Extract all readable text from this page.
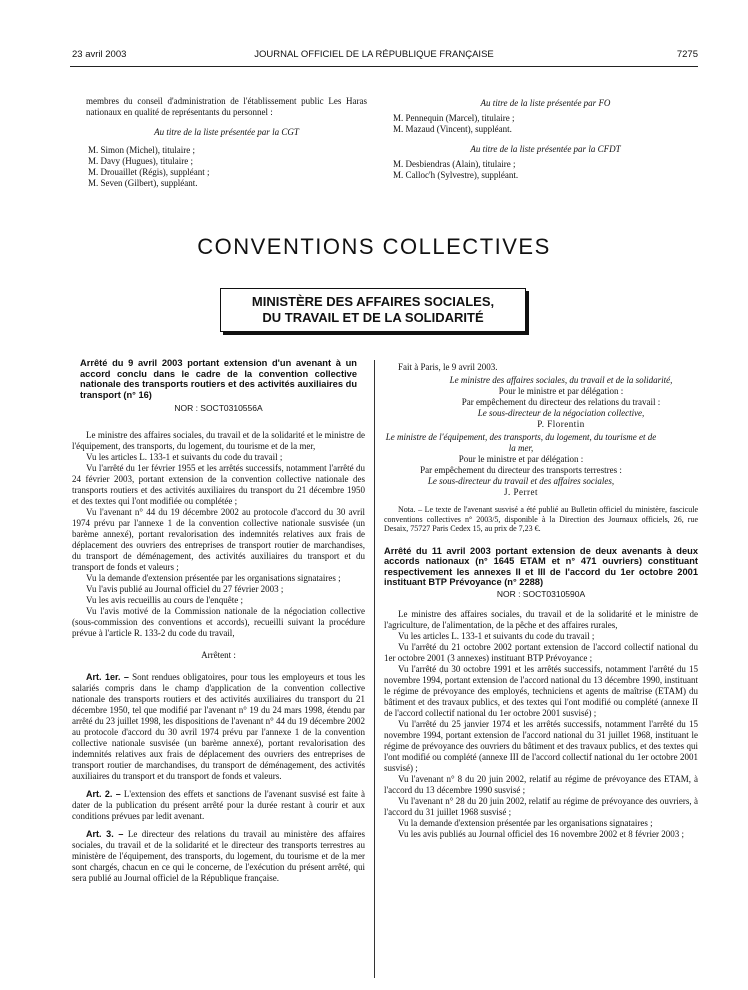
23 avril 2003	JOURNAL OFFICIEL DE LA RÉPUBLIQUE FRANÇAISE	7275

membres du conseil d'administration de l'établissement public Les Haras nationaux en qualité de représentants du personnel :

Au titre de la liste présentée par la CGT

M. Simon (Michel), titulaire ;

M. Davy (Hugues), titulaire ;

M. Drouaillet (Régis), suppléant ;

M. Seven (Gilbert), suppléant.

Au titre de la liste présentée par FO

M. Pennequin (Marcel), titulaire ;

M. Mazaud (Vincent), suppléant.

Au titre de la liste présentée par la CFDT

M. Desbiendras (Alain), titulaire ;

M. Calloc'h (Sylvestre), suppléant.

CONVENTIONS COLLECTIVES
MINISTÈRE DES AFFAIRES SOCIALES,
DU TRAVAIL ET DE LA SOLIDARITÉ

Arrêté du 9 avril 2003 portant extension d'un avenant à un accord conclu dans le cadre de la convention collective nationale des transports routiers et des activités auxiliaires du transport (n° 16)

NOR : SOCT0310556A

Le ministre des affaires sociales, du travail et de la solidarité et le ministre de l'équipement, des transports, du logement, du tourisme et de la mer,

Vu les articles L. 133-1 et suivants du code du travail ;

Vu l'arrêté du 1er février 1955 et les arrêtés successifs, notamment l'arrêté du 24 février 2003, portant extension de la convention collective nationale des transports routiers et des activités auxiliaires du transport du 21 décembre 1950 et des textes qui l'ont modifiée ou complétée ;

Vu l'avenant n° 44 du 19 décembre 2002 au protocole d'accord du 30 avril 1974 prévu par l'annexe 1 de la convention collective nationale susvisée (un barème annexé), portant revalorisation des indemnités relatives aux frais de déplacement des ouvriers des entreprises de transport routier de marchandises, du transport de déménagement, des activités auxiliaires du transport et du transport de fonds et valeurs ;

Vu la demande d'extension présentée par les organisations signataires ;

Vu l'avis publié au Journal officiel du 27 février 2003 ;

Vu les avis recueillis au cours de l'enquête ;

Vu l'avis motivé de la Commission nationale de la négociation collective (sous-commission des conventions et accords), recueilli suivant la procédure prévue à l'article R. 133-2 du code du travail,

Arrêtent :

Art. 1er. – Sont rendues obligatoires, pour tous les employeurs et tous les salariés compris dans le champ d'application de la convention collective nationale des transports routiers et des activités auxiliaires du transport du 21 décembre 1950, tel que modifié par l'avenant n° 19 du 24 mars 1998, étendu par arrêté du 23 juillet 1998, les dispositions de l'avenant n° 44 du 19 décembre 2002 au protocole d'accord du 30 avril 1974 prévu par l'annexe 1 de la convention collective nationale susvisée (un barème annexé), portant revalorisation des indemnités relatives aux frais de déplacement des ouvriers des entreprises de transport routier de marchandises, du transport de déménagement, des activités auxiliaires du transport et du transport de fonds et valeurs.

Art. 2. – L'extension des effets et sanctions de l'avenant susvisé est faite à dater de la publication du présent arrêté pour la durée restant à courir et aux conditions prévues par ledit avenant.

Art. 3. – Le directeur des relations du travail au ministère des affaires sociales, du travail et de la solidarité et le directeur des transports terrestres au ministère de l'équipement, des transports, du logement, du tourisme et de la mer sont chargés, chacun en ce qui le concerne, de l'exécution du présent arrêté, qui sera publié au Journal officiel de la République française.

Fait à Paris, le 9 avril 2003.

Le ministre des affaires sociales, du travail et de la solidarité,

Pour le ministre et par délégation :

Par empêchement du directeur des relations du travail :

Le sous-directeur de la négociation collective,

P. Florentin

Le ministre de l'équipement, des transports, du logement, du tourisme et de la mer,

Pour le ministre et par délégation :

Par empêchement du directeur des transports terrestres :

Le sous-directeur du travail et des affaires sociales,

J. Perret

Nota. – Le texte de l'avenant susvisé a été publié au Bulletin officiel du ministère, fascicule conventions collectives n° 2003/5, disponible à la Direction des Journaux officiels, 26, rue Desaix, 75727 Paris Cedex 15, au prix de 7,23 €.

Arrêté du 11 avril 2003 portant extension de deux avenants à deux accords nationaux (n° 1645 ETAM et n° 471 ouvriers) constituant respectivement les annexes II et III de l'accord du 1er octobre 2001 instituant BTP Prévoyance (n° 2288)

NOR : SOCT0310590A

Le ministre des affaires sociales, du travail et de la solidarité et le ministre de l'agriculture, de l'alimentation, de la pêche et des affaires rurales,

Vu les articles L. 133-1 et suivants du code du travail ;

Vu l'arrêté du 21 octobre 2002 portant extension de l'accord collectif national du 1er octobre 2001 (3 annexes) instituant BTP Prévoyance ;

Vu l'arrêté du 30 octobre 1991 et les arrêtés successifs, notamment l'arrêté du 15 novembre 1994, portant extension de l'accord national du 13 décembre 1990, instituant le régime de prévoyance des employés, techniciens et agents de maîtrise (ETAM) du bâtiment et des travaux publics, et des textes qui l'ont modifié ou complété (annexe II de l'accord collectif national du 1er octobre 2001 susvisé) ;

Vu l'arrêté du 25 janvier 1974 et les arrêtés successifs, notamment l'arrêté du 15 novembre 1994, portant extension de l'accord national du 31 juillet 1968, instituant le régime de prévoyance des ouvriers du bâtiment et des travaux publics, et des textes qui l'ont modifié ou complété (annexe III de l'accord collectif national du 1er octobre 2001 susvisé) ;

Vu l'avenant n° 8 du 20 juin 2002, relatif au régime de prévoyance des ETAM, à l'accord du 13 décembre 1990 susvisé ;

Vu l'avenant n° 28 du 20 juin 2002, relatif au régime de prévoyance des ouvriers, à l'accord du 31 juillet 1968 susvisé ;

Vu la demande d'extension présentée par les organisations signataires ;

Vu les avis publiés au Journal officiel des 16 novembre 2002 et 8 février 2003 ;
